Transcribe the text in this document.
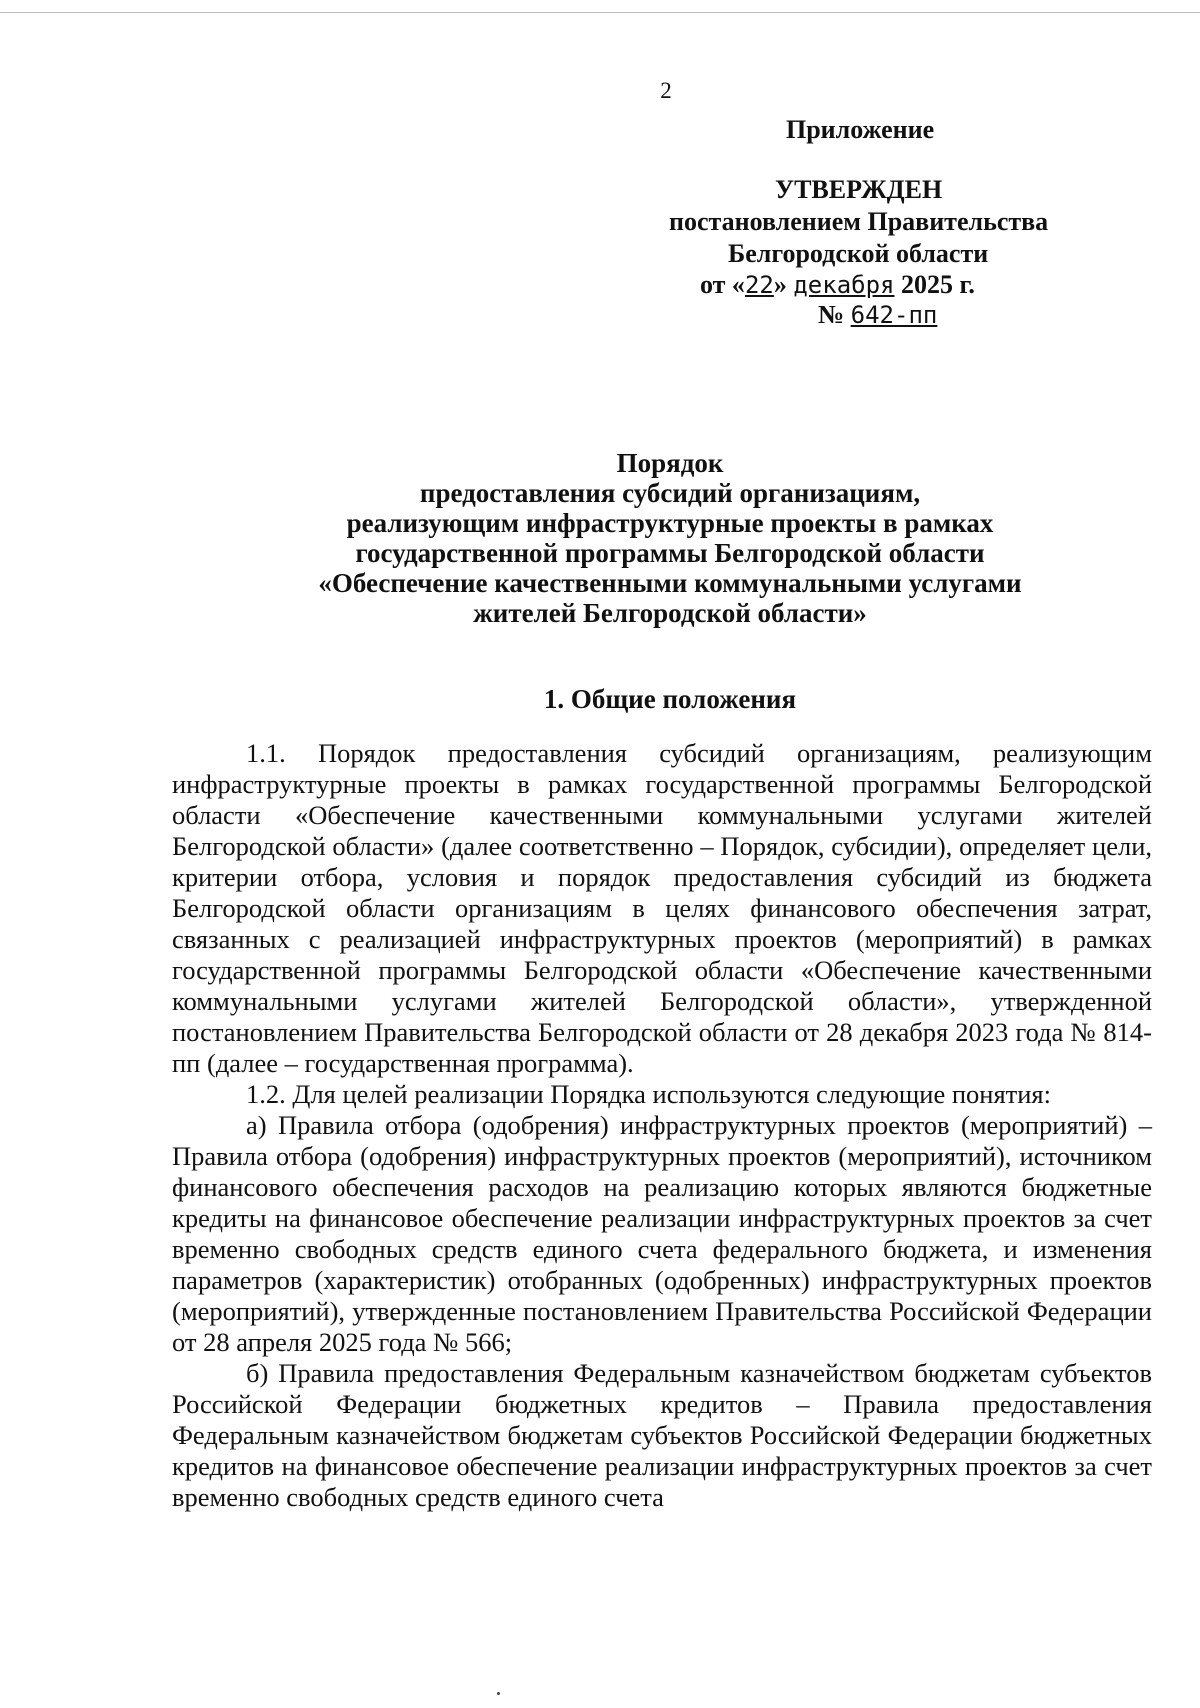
2
Приложение
УТВЕРЖДЕН
постановлением Правительства
Белгородской области
от «22» декабря 2025 г.
№ 642-пп
Порядок
предоставления субсидий организациям,
реализующим инфраструктурные проекты в рамках
государственной программы Белгородской области
«Обеспечение качественными коммунальными услугами
жителей Белгородской области»
1. Общие положения

1.1. Порядок предоставления субсидий организациям, реализующим инфраструктурные проекты в рамках государственной программы Белгородской области «Обеспечение качественными коммунальными услугами жителей Белгородской области» (далее соответственно – Порядок, субсидии), определяет цели, критерии отбора, условия и порядок предоставления субсидий из бюджета Белгородской области организациям в целях финансового обеспечения затрат, связанных с реализацией инфраструктурных проектов (мероприятий) в рамках государственной программы Белгородской области «Обеспечение качественными коммунальными услугами жителей Белгородской области», утвержденной постановлением Правительства Белгородской области от 28 декабря 2023 года № 814-пп (далее – государственная программа).

1.2. Для целей реализации Порядка используются следующие понятия:

а) Правила отбора (одобрения) инфраструктурных проектов (мероприятий) – Правила отбора (одобрения) инфраструктурных проектов (мероприятий), источником финансового обеспечения расходов на реализацию которых являются бюджетные кредиты на финансовое обеспечение реализации инфраструктурных проектов за счет временно свободных средств единого счета федерального бюджета, и изменения параметров (характеристик) отобранных (одобренных) инфраструктурных проектов (мероприятий), утвержденные постановлением Правительства Российской Федерации от 28 апреля 2025 года № 566;

б) Правила предоставления Федеральным казначейством бюджетам субъектов Российской Федерации бюджетных кредитов – Правила предоставления Федеральным казначейством бюджетам субъектов Российской Федерации бюджетных кредитов на финансовое обеспечение реализации инфраструктурных проектов за счет временно свободных средств единого счета
